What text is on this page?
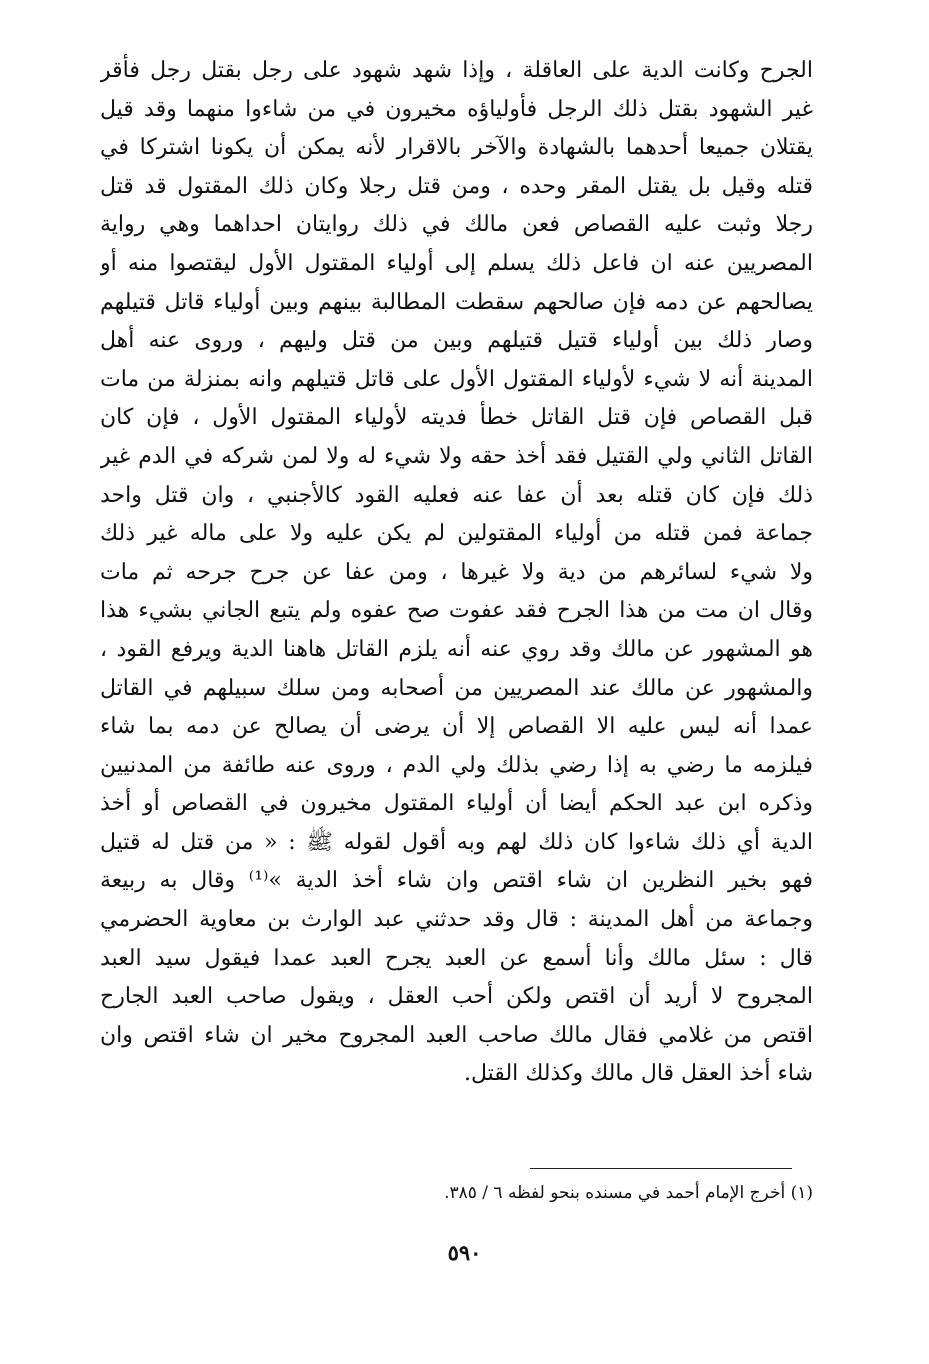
الجرح وكانت الدية على العاقلة ، وإذا شهد شهود على رجل بقتل رجل فأقر
غير الشهود بقتل ذلك الرجل فأولياؤه مخيرون في من شاءوا منهما وقد قيل
يقتلان جميعا أحدهما بالشهادة والآخر بالاقرار لأنه يمكن أن يكونا اشتركا في
قتله وقيل بل يقتل المقر وحده ، ومن قتل رجلا وكان ذلك المقتول قد قتل
رجلا وثبت عليه القصاص فعن مالك في ذلك روايتان احداهما وهي رواية
المصريين عنه ان فاعل ذلك يسلم إلى أولياء المقتول الأول ليقتصوا منه أو
يصالحهم عن دمه فإن صالحهم سقطت المطالبة بينهم وبين أولياء قاتل قتيلهم
وصار ذلك بين أولياء قتيل قتيلهم وبين من قتل وليهم ، وروى عنه أهل
المدينة أنه لا شيء لأولياء المقتول الأول على قاتل قتيلهم وانه بمنزلة من مات
قبل القصاص فإن قتل القاتل خطأ فديته لأولياء المقتول الأول ، فإن كان
القاتل الثاني ولي القتيل فقد أخذ حقه ولا شيء له ولا لمن شركه في الدم غير
ذلك فإن كان قتله بعد أن عفا عنه فعليه القود كالأجنبي ، وان قتل واحد
جماعة فمن قتله من أولياء المقتولين لم يكن عليه ولا على ماله غير ذلك
ولا شيء لسائرهم من دية ولا غيرها ، ومن عفا عن جرح جرحه ثم مات
وقال ان مت من هذا الجرح فقد عفوت صح عفوه ولم يتبع الجاني بشيء هذا
هو المشهور عن مالك وقد روي عنه أنه يلزم القاتل هاهنا الدية ويرفع القود ،
والمشهور عن مالك عند المصريين من أصحابه ومن سلك سبيلهم في القاتل
عمدا أنه ليس عليه الا القصاص إلا أن يرضى أن يصالح عن دمه بما شاء
فيلزمه ما رضي به إذا رضي بذلك ولي الدم ، وروى عنه طائفة من المدنيين
وذكره ابن عبد الحكم أيضا أن أولياء المقتول مخيرون في القصاص أو أخذ
الدية أي ذلك شاءوا كان ذلك لهم وبه أقول لقوله ﷺ : « من قتل له قتيل
فهو بخير النظرين ان شاء اقتص وان شاء أخذ الدية »⁽¹⁾ وقال به ربيعة
وجماعة من أهل المدينة : قال وقد حدثني عبد الوارث بن معاوية الحضرمي
قال : سئل مالك وأنا أسمع عن العبد يجرح العبد عمدا فيقول سيد العبد
المجروح لا أريد أن اقتص ولكن أحب العقل ، ويقول صاحب العبد الجارح
اقتص من غلامي فقال مالك صاحب العبد المجروح مخير ان شاء اقتص وان
شاء أخذ العقل قال مالك وكذلك القتل.
(١) أخرج الإمام أحمد في مسنده بنحو لفظه ٦ / ٣٨٥.
٥٩٠
